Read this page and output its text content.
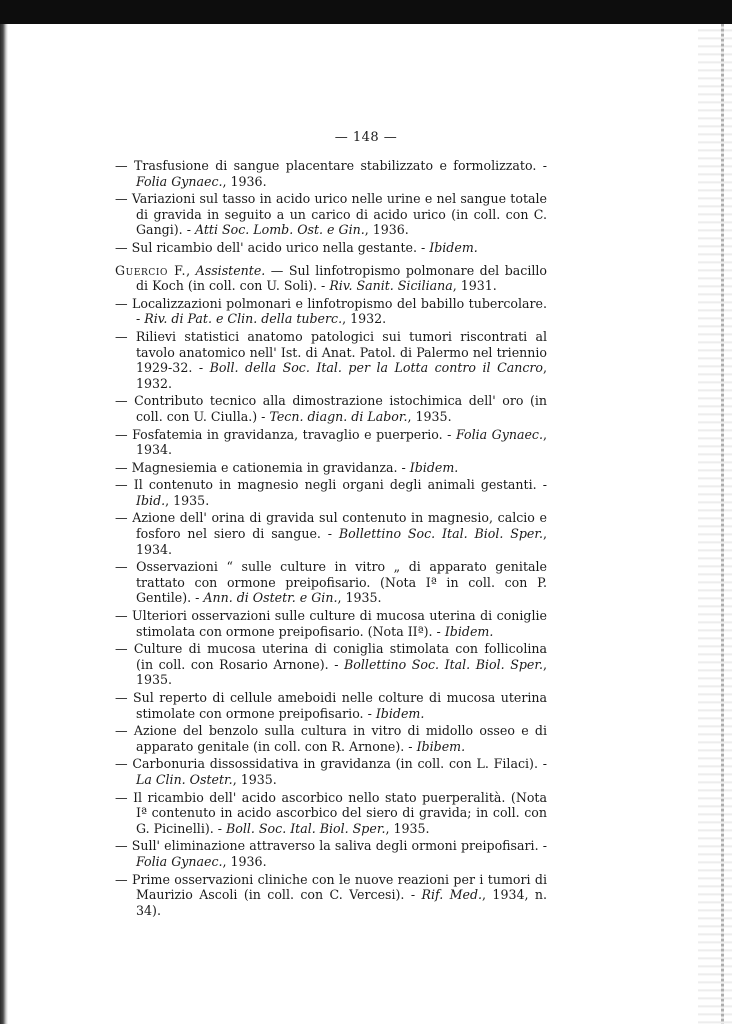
— 148 —

— Trasfusione di sangue placentare stabilizzato e formolizzato. - Folia Gynaec., 1936.

— Variazioni sul tasso in acido urico nelle urine e nel sangue totale di gravida in seguito a un carico di acido urico (in coll. con C. Gangi). - Atti Soc. Lomb. Ost. e Gin., 1936.

— Sul ricambio dell' acido urico nella gestante. - Ibidem.

Guercio F., Assistente. — Sul linfotropismo polmonare del bacillo di Koch (in coll. con U. Soli). - Riv. Sanit. Siciliana, 1931.

— Localizzazioni polmonari e linfotropismo del babillo tubercolare. - Riv. di Pat. e Clin. della tuberc., 1932.

— Rilievi statistici anatomo patologici sui tumori riscontrati al tavolo anatomico nell' Ist. di Anat. Patol. di Palermo nel triennio 1929-32. - Boll. della Soc. Ital. per la Lotta contro il Cancro, 1932.

— Contributo tecnico alla dimostrazione istochimica dell' oro (in coll. con U. Ciulla.) - Tecn. diagn. di Labor., 1935.

— Fosfatemia in gravidanza, travaglio e puerperio. - Folia Gynaec., 1934.

— Magnesiemia e cationemia in gravidanza. - Ibidem.

— Il contenuto in magnesio negli organi degli animali gestanti. - Ibid., 1935.

— Azione dell' orina di gravida sul contenuto in magnesio, calcio e fosforo nel siero di sangue. - Bollettino Soc. Ital. Biol. Sper., 1934.

— Osservazioni “ sulle culture in vitro „ di apparato genitale trattato con ormone preipofisario. (Nota Iª in coll. con P. Gentile). - Ann. di Ostetr. e Gin., 1935.

— Ulteriori osservazioni sulle culture di mucosa uterina di coniglie stimolata con ormone preipofisario. (Nota IIª). - Ibidem.

— Culture di mucosa uterina di coniglia stimolata con follicolina (in coll. con Rosario Arnone). - Bollettino Soc. Ital. Biol. Sper., 1935.

— Sul reperto di cellule ameboidi nelle colture di mucosa uterina stimolate con ormone preipofisario. - Ibidem.

— Azione del benzolo sulla cultura in vitro di midollo osseo e di apparato genitale (in coll. con R. Arnone). - Ibibem.

— Carbonuria dissossidativa in gravidanza (in coll. con L. Filaci). - La Clin. Ostetr., 1935.

— Il ricambio dell' acido ascorbico nello stato puerperalità. (Nota Iª contenuto in acido ascorbico del siero di gravida; in coll. con G. Picinelli). - Boll. Soc. Ital. Biol. Sper., 1935.

— Sull' eliminazione attraverso la saliva degli ormoni preipofisari. - Folia Gynaec., 1936.

— Prime osservazioni cliniche con le nuove reazioni per i tumori di Maurizio Ascoli (in coll. con C. Vercesi). - Rif. Med., 1934, n. 34).
